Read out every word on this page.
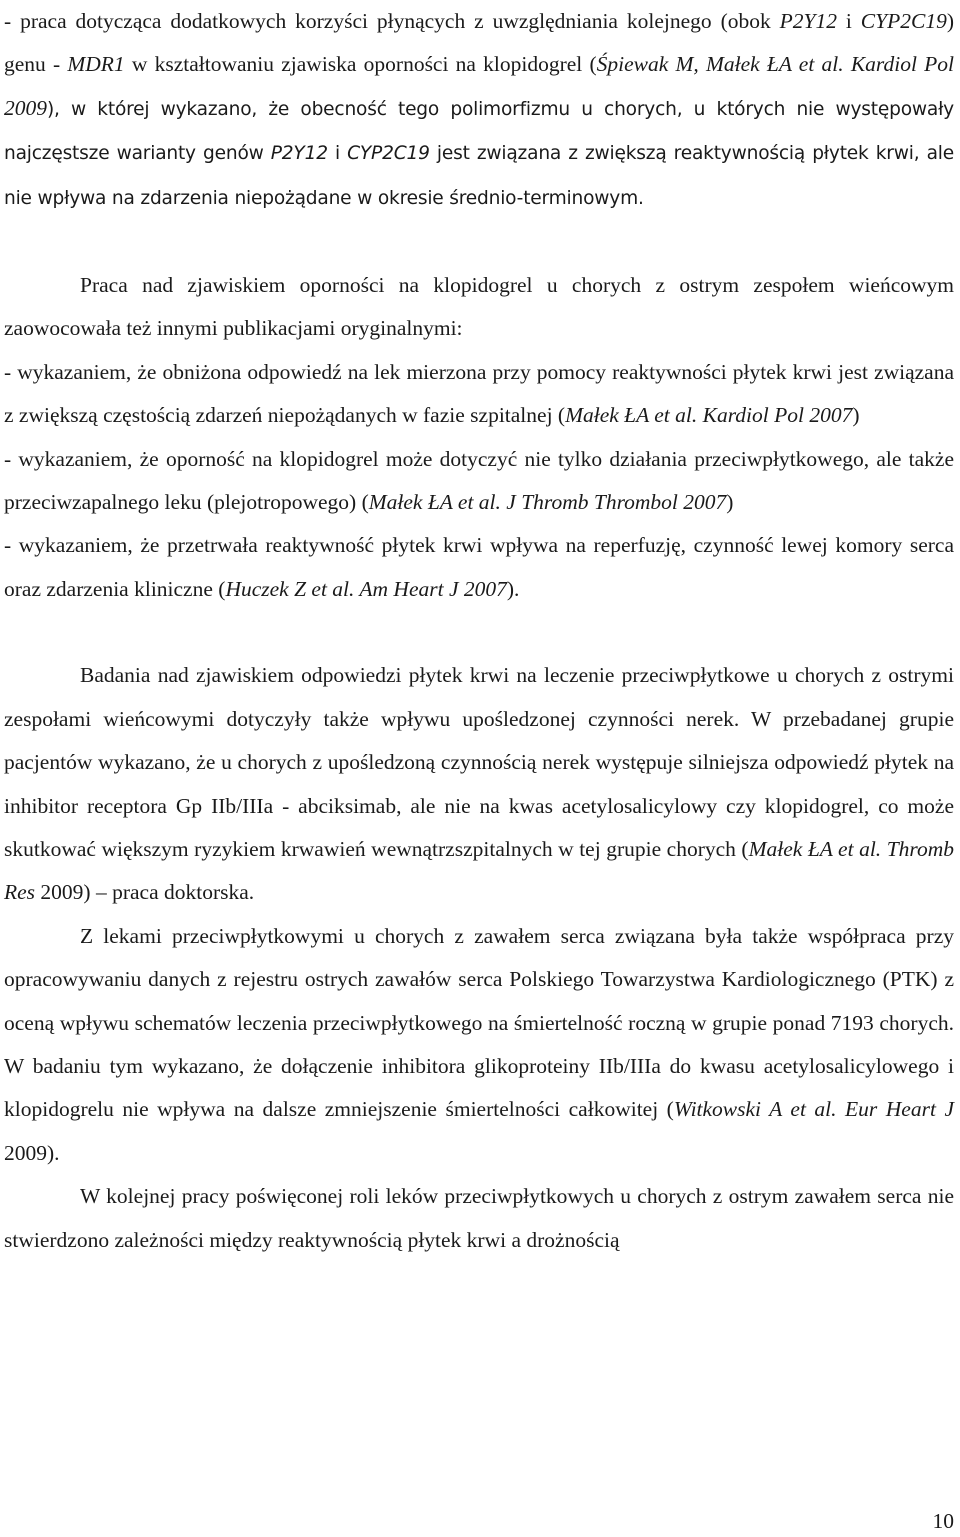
- praca dotycząca dodatkowych korzyści płynących z uwzględniania kolejnego (obok P2Y12 i CYP2C19) genu - MDR1 w kształtowaniu zjawiska oporności na klopidogrel (Śpiewak M, Małek ŁA et al. Kardiol Pol 2009), w której wykazano, że obecność tego polimorfizmu u chorych, u których nie występowały najczęstsze warianty genów P2Y12 i CYP2C19 jest związana z zwiększą reaktywnością płytek krwi, ale nie wpływa na zdarzenia niepożądane w okresie średnio-terminowym.

Praca nad zjawiskiem oporności na klopidogrel u chorych z ostrym zespołem wieńcowym zaowocowała też innymi publikacjami oryginalnymi:

- wykazaniem, że obniżona odpowiedź na lek mierzona przy pomocy reaktywności płytek krwi jest związana z zwiększą częstością zdarzeń niepożądanych w fazie szpitalnej (Małek ŁA et al. Kardiol Pol 2007)

- wykazaniem, że oporność na klopidogrel może dotyczyć nie tylko działania przeciwpłytkowego, ale także przeciwzapalnego leku (plejotropowego) (Małek ŁA et al. J Thromb Thrombol 2007)

- wykazaniem, że przetrwała reaktywność płytek krwi wpływa na reperfuzję, czynność lewej komory serca oraz zdarzenia kliniczne (Huczek Z et al. Am Heart J 2007).

Badania nad zjawiskiem odpowiedzi płytek krwi na leczenie przeciwpłytkowe u chorych z ostrymi zespołami wieńcowymi dotyczyły także wpływu upośledzonej czynności nerek. W przebadanej grupie pacjentów wykazano, że u chorych z upośledzoną czynnością nerek występuje silniejsza odpowiedź płytek na inhibitor receptora Gp IIb/IIIa - abciksimab, ale nie na kwas acetylosalicylowy czy klopidogrel, co może skutkować większym ryzykiem krwawień wewnątrzszpitalnych w tej grupie chorych (Małek ŁA et al. Thromb Res 2009) – praca doktorska.

Z lekami przeciwpłytkowymi u chorych z zawałem serca związana była także współpraca przy opracowywaniu danych z rejestru ostrych zawałów serca Polskiego Towarzystwa Kardiologicznego (PTK) z oceną wpływu schematów leczenia przeciwpłytkowego na śmiertelność roczną w grupie ponad 7193 chorych. W badaniu tym wykazano, że dołączenie inhibitora glikoproteiny IIb/IIIa do kwasu acetylosalicylowego i klopidogrelu nie wpływa na dalsze zmniejszenie śmiertelności całkowitej (Witkowski A et al. Eur Heart J 2009).

W kolejnej pracy poświęconej roli leków przeciwpłytkowych u chorych z ostrym zawałem serca nie stwierdzono zależności między reaktywnością płytek krwi a drożnością

10
